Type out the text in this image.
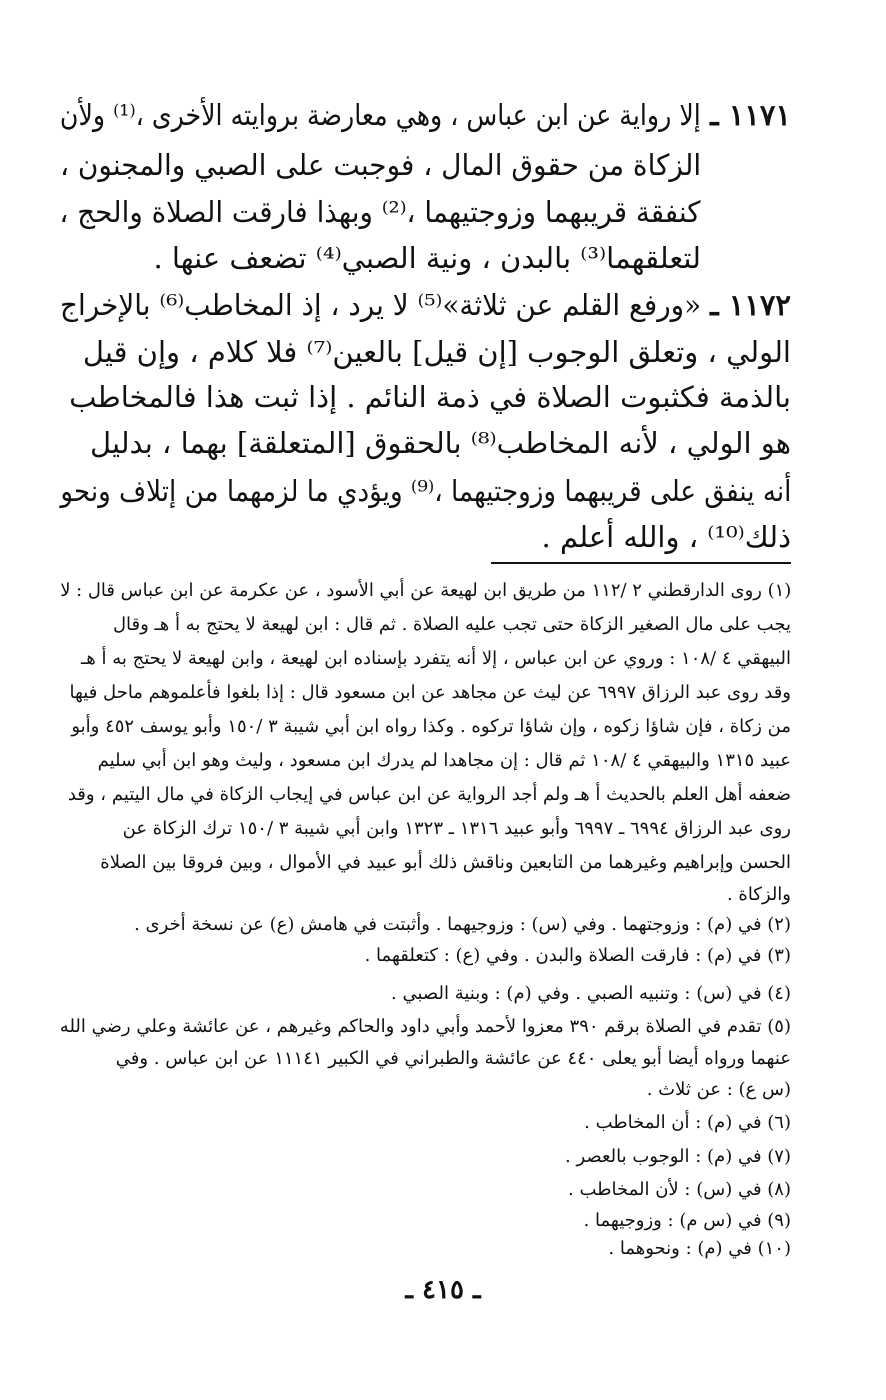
١١٧١ ـ
إلا رواية عن ابن عباس ، وهي معارضة بروايته الأخرى ،⁽¹⁾ ولأن
الزكاة من حقوق المال ، فوجبت على الصبي والمجنون ،
كنفقة قريبهما وزوجتيهما ،⁽²⁾ وبهذا فارقت الصلاة والحج ،
لتعلقهما⁽³⁾ بالبدن ، ونية الصبي⁽⁴⁾ تضعف عنها .
١١٧٢ ـ
«ورفع القلم عن ثلاثة»⁽⁵⁾ لا يرد ، إذ المخاطب⁽⁶⁾ بالإخراج
الولي ، وتعلق الوجوب [إن قيل] بالعين⁽⁷⁾ فلا كلام ، وإن قيل
بالذمة فكثبوت الصلاة في ذمة النائم . إذا ثبت هذا فالمخاطب
هو الولي ، لأنه المخاطب⁽⁸⁾ بالحقوق [المتعلقة] بهما ، بدليل
أنه ينفق على قريبهما وزوجتيهما ،⁽⁹⁾ ويؤدي ما لزمهما من إتلاف ونحو
ذلك⁽¹⁰⁾ ، والله أعلم .
(١) روى الدارقطني ٢ /١١٢ من طريق ابن لهيعة عن أبي الأسود ، عن عكرمة عن ابن عباس قال : لا
يجب على مال الصغير الزكاة حتى تجب عليه الصلاة . ثم قال : ابن لهيعة لا يحتج به أ هـ وقال
البيهقي ٤ /١٠٨ : وروي عن ابن عباس ، إلا أنه يتفرد بإسناده ابن لهيعة ، وابن لهيعة لا يحتج به أ هـ
وقد روى عبد الرزاق ٦٩٩٧ عن ليث عن مجاهد عن ابن مسعود قال : إذا بلغوا فأعلموهم ماحل فيها
من زكاة ، فإن شاؤا زكوه ، وإن شاؤا تركوه . وكذا رواه ابن أبي شيبة ٣ /١٥٠ وأبو يوسف ٤٥٢ وأبو
عبيد ١٣١٥ والبيهقي ٤ /١٠٨ ثم قال : إن مجاهدا لم يدرك ابن مسعود ، وليث وهو ابن أبي سليم
ضعفه أهل العلم بالحديث أ هـ ولم أجد الرواية عن ابن عباس في إيجاب الزكاة في مال اليتيم ، وقد
روى عبد الرزاق ٦٩٩٤ ـ ٦٩٩٧ وأبو عبيد ١٣١٦ ـ ١٣٢٣ وابن أبي شيبة ٣ /١٥٠ ترك الزكاة عن
الحسن وإبراهيم وغيرهما من التابعين وناقش ذلك أبو عبيد في الأموال ، وبين فروقا بين الصلاة
والزكاة .
(٢) في (م) : وزوجتهما . وفي (س) : وزوجيهما . وأثبتت في هامش (ع) عن نسخة أخرى .
(٣) في (م) : فارقت الصلاة والبدن . وفي (ع) : كتعلقهما .
(٤) في (س) : وتنبيه الصبي . وفي (م) : وبنية الصبي .
(٥) تقدم في الصلاة برقم ٣٩٠ معزوا لأحمد وأبي داود والحاكم وغيرهم ، عن عائشة وعلي رضي الله
عنهما ورواه أيضا أبو يعلى ٤٤٠ عن عائشة والطبراني في الكبير ١١١٤١ عن ابن عباس . وفي
(س ع) : عن ثلاث .
(٦) في (م) : أن المخاطب .
(٧) في (م) : الوجوب بالعصر .
(٨) في (س) : لأن المخاطب .
(٩) في (س م) : وزوجيهما .
(١٠) في (م) : ونحوهما .
ـ ٤١٥ ـ
